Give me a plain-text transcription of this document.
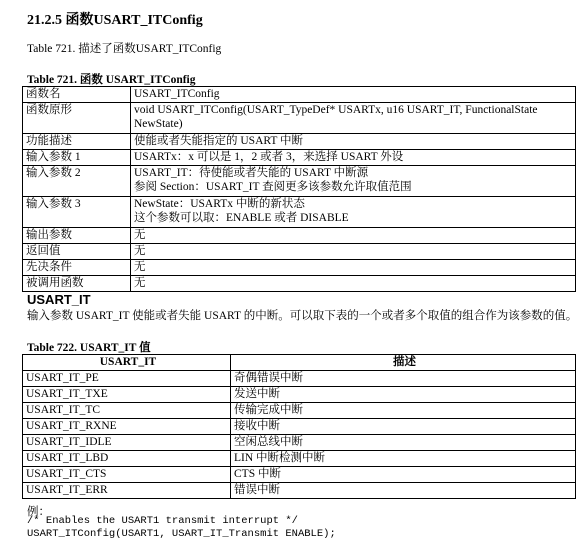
21.2.5 函数USART_ITConfig
Table 721. 描述了函数USART_ITConfig
Table 721. 函数 USART_ITConfig
函数名	USART_ITConfig
函数原形	void USART_ITConfig(USART_TypeDef* USARTx, u16 USART_IT, FunctionalState
NewState)
功能描述	使能或者失能指定的 USART 中断
输入参数 1	USARTx：x 可以是 1，2 或者 3，来选择 USART 外设
输入参数 2	USART_IT：待使能或者失能的 USART 中断源
参阅 Section：USART_IT 查阅更多该参数允许取值范围
输入参数 3	NewState：USARTx 中断的新状态
这个参数可以取：ENABLE 或者 DISABLE
输出参数	无
返回值	无
先决条件	无
被调用函数	无
USART_IT
输入参数 USART_IT 使能或者失能 USART 的中断。可以取下表的一个或者多个取值的组合作为该参数的值。
Table 722. USART_IT 值
USART_IT	描述
USART_IT_PE	奇偶错误中断
USART_IT_TXE	发送中断
USART_IT_TC	传输完成中断
USART_IT_RXNE	接收中断
USART_IT_IDLE	空闲总线中断
USART_IT_LBD	LIN 中断检测中断
USART_IT_CTS	CTS 中断
USART_IT_ERR	错误中断
例：
/* Enables the USART1 transmit interrupt */
USART_ITConfig(USART1, USART_IT_Transmit ENABLE);
